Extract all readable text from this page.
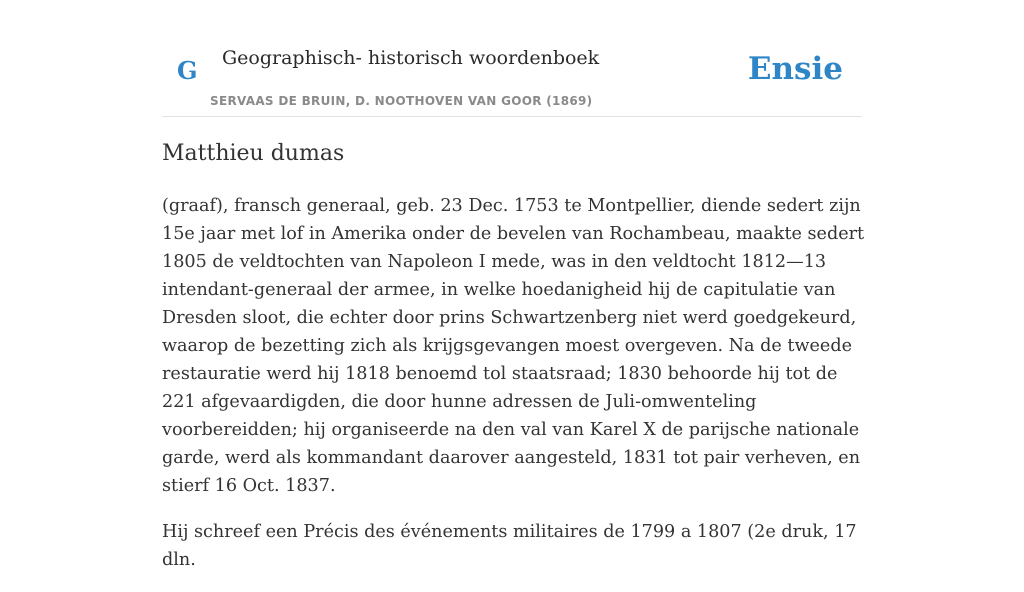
G Geographisch- historisch woordenboek
SERVAAS DE BRUIN, D. NOOTHOVEN VAN GOOR (1869)
Ensie
Matthieu dumas

(graaf), fransch generaal, geb. 23 Dec. 1753 te Montpellier, diende sedert zijn 15e jaar met lof in Amerika onder de bevelen van Rochambeau, maakte sedert 1805 de veldtochten van Napoleon I mede, was in den veldtocht 1812—13 intendant-generaal der armee, in welke hoedanigheid hij de capitulatie van Dresden sloot, die echter door prins Schwartzenberg niet werd goedgekeurd, waarop de bezetting zich als krijgsgevangen moest overgeven. Na de tweede restauratie werd hij 1818 benoemd tol staatsraad; 1830 behoorde hij tot de 221 afgevaardigden, die door hunne adressen de Juli-omwenteling voorbereidden; hij organiseerde na den val van Karel X de parijsche nationale garde, werd als kommandant daarover aangesteld, 1831 tot pair verheven, en stierf 16 Oct. 1837.

Hij schreef een Précis des événements militaires de 1799 a 1807 (2e druk, 17 dln.
